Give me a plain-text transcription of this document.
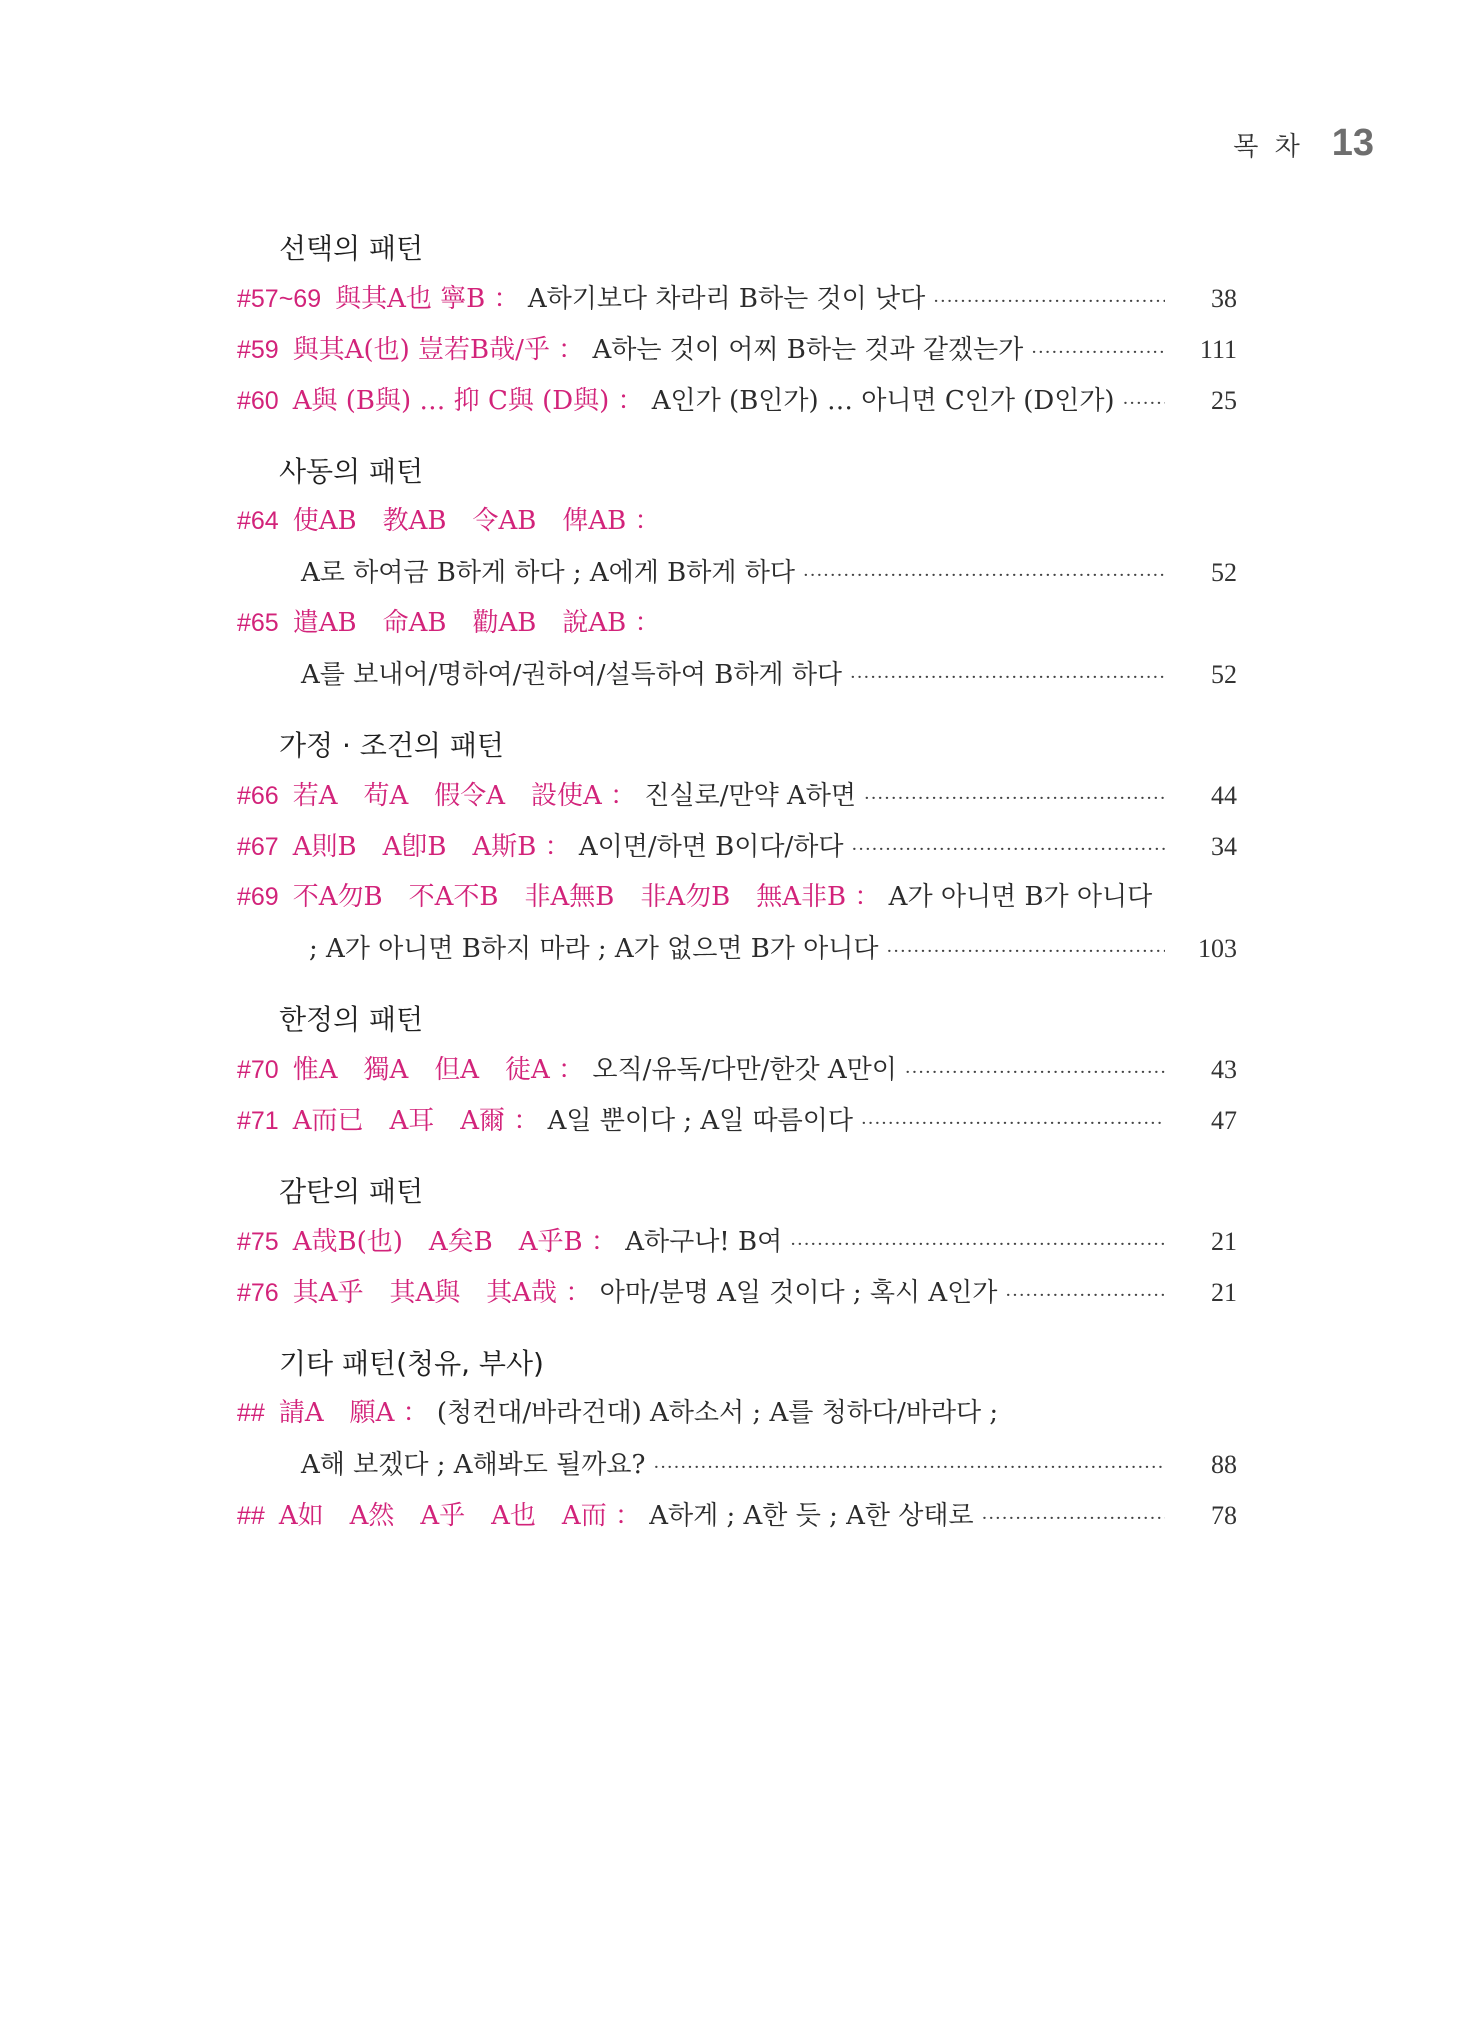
목 차 13
선택의 패턴
#57~69 與其A也 寧B ： A하기보다 차라리 B하는 것이 낫다 ·····	38
#59 與其A(也) 豈若B哉/乎 ： A하는 것이 어찌 B하는 것과 같겠는가 ·····	111
#60 A與 (B與) … 抑 C與 (D與) ： A인가 (B인가) … 아니면 C인가 (D인가) ·····	25
사동의 패턴
#64 使AB　教AB　令AB　俾AB ：
A로 하여금 B하게 하다 ; A에게 B하게 하다 ·····	52
#65 遣AB　命AB　勸AB　說AB ：
A를 보내어/명하여/권하여/설득하여 B하게 하다 ·····	52
가정 · 조건의 패턴
#66 若A　苟A　假令A　設使A ： 진실로/만약 A하면 ·····	44
#67 A則B　A卽B　A斯B ： A이면/하면 B이다/하다 ·····	34
#69 不A勿B　不A不B　非A無B　非A勿B　無A非B ： A가 아니면 B가 아니다
; A가 아니면 B하지 마라 ; A가 없으면 B가 아니다 ·····	103
한정의 패턴
#70 惟A　獨A　但A　徒A ： 오직/유독/다만/한갓 A만이 ·····	43
#71 A而已　A耳　A爾 ： A일 뿐이다 ; A일 따름이다 ·····	47
감탄의 패턴
#75 A哉B(也)　A矣B　A乎B ： A하구나! B여 ·····	21
#76 其A乎　其A與　其A哉 ： 아마/분명 A일 것이다 ; 혹시 A인가 ·····	21
기타 패턴(청유, 부사)
## 請A　願A ： (청컨대/바라건대) A하소서 ; A를 청하다/바라다 ;
A해 보겠다 ; A해봐도 될까요? ·····	88
## A如　A然　A乎　A也　A而 ： A하게 ; A한 듯 ; A한 상태로 ·····	78
